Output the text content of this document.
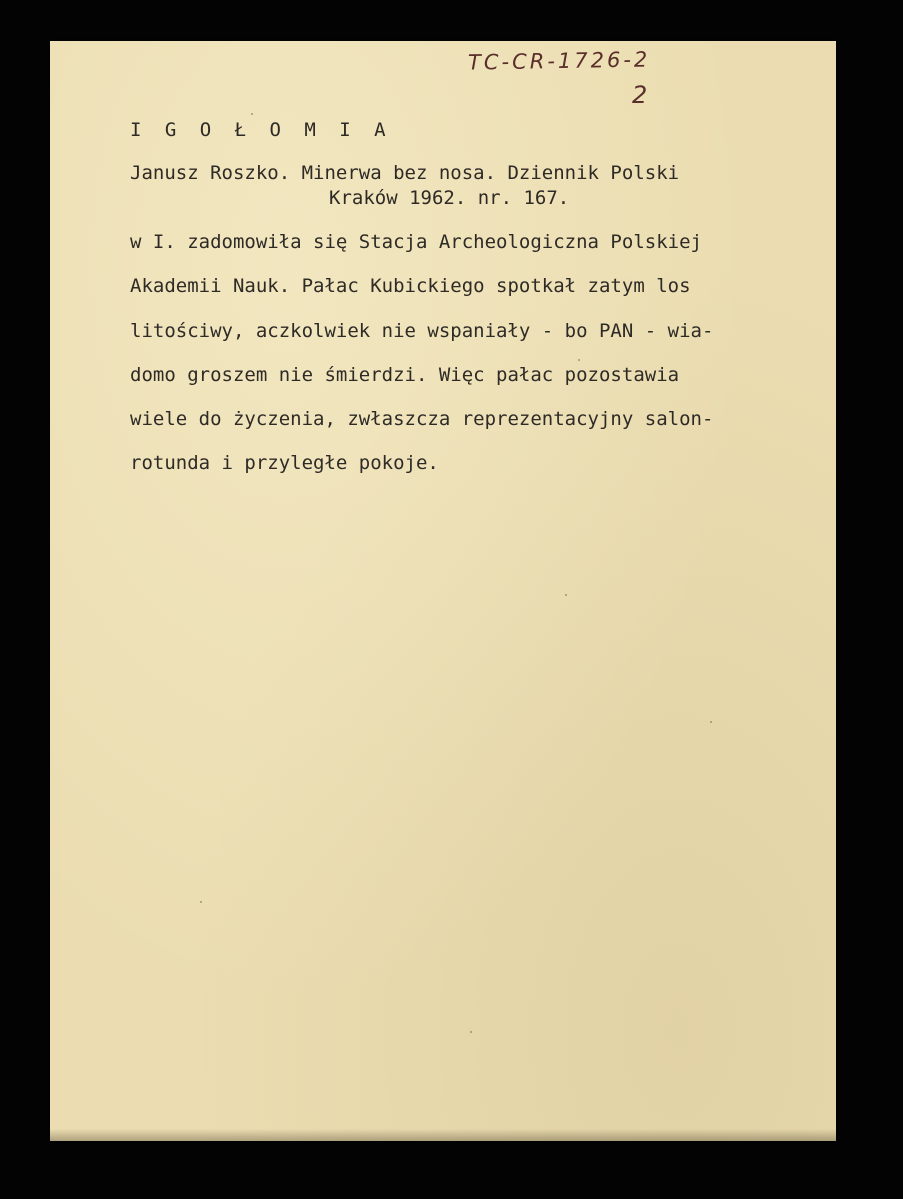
TC-CR-1726-2
2
I G O Ł O M I A
Janusz Roszko. Minerwa bez nosa. Dziennik Polski
Kraków 1962. nr. 167.
w I. zadomowiła się Stacja Archeologiczna Polskiej
Akademii Nauk. Pałac Kubickiego spotkał zatym los
litościwy, aczkolwiek nie wspaniały - bo PAN - wia-
domo groszem nie śmierdzi. Więc pałac pozostawia
wiele do życzenia, zwłaszcza reprezentacyjny salon-
rotunda i przyległe pokoje.
